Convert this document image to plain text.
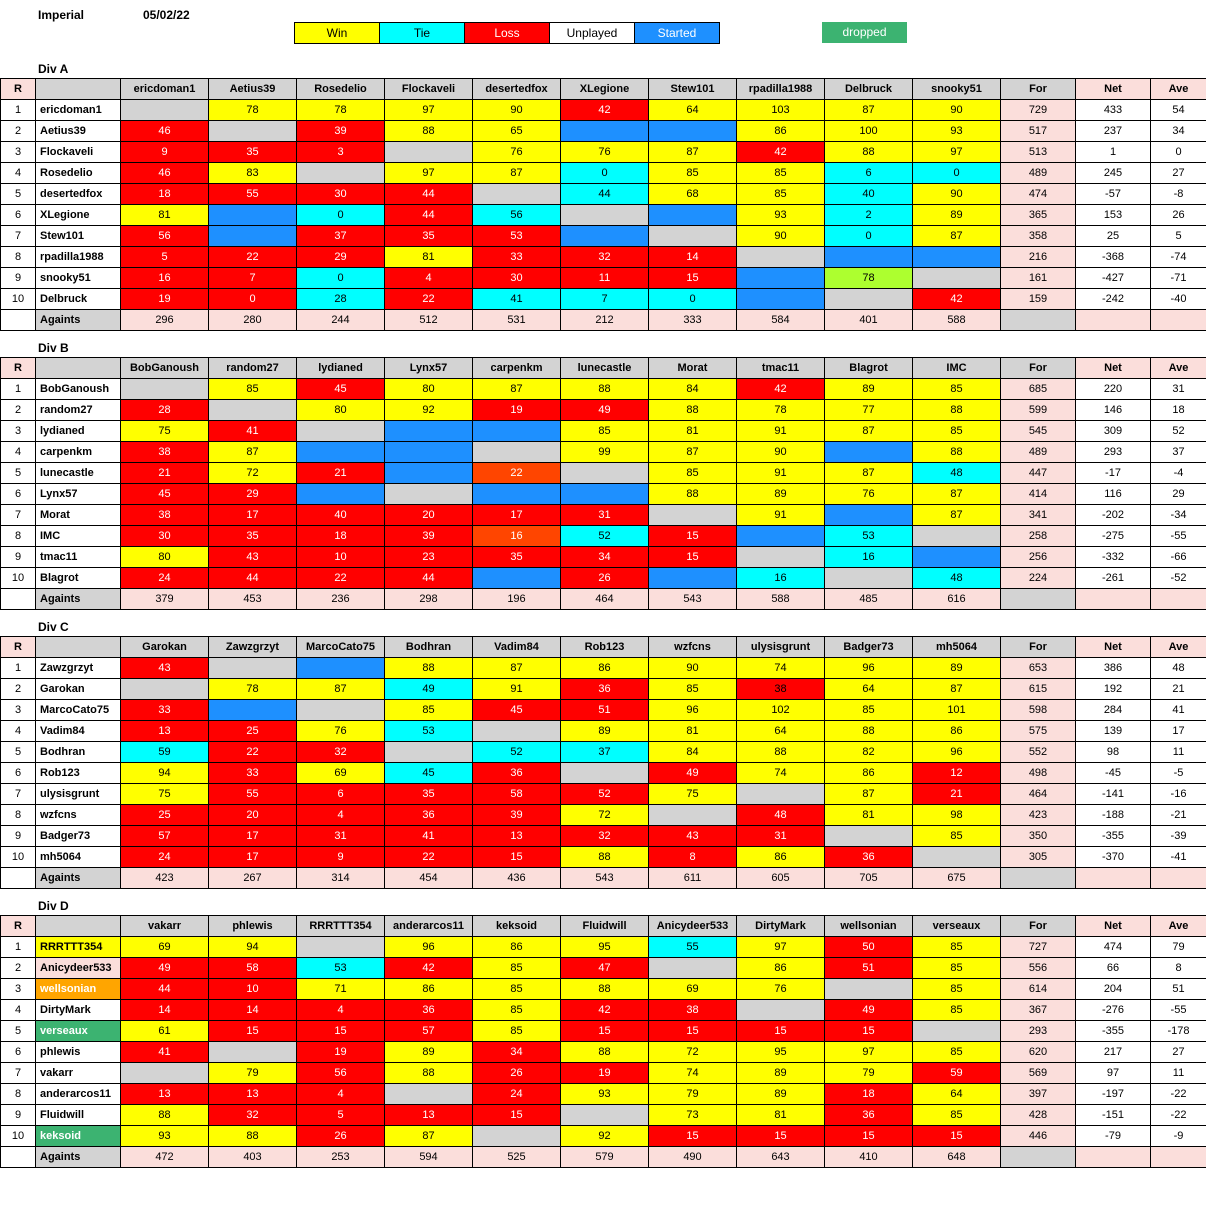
Imperial	05/02/22
Win	Tie	Loss	Unplayed	Started	dropped
Div A
R		ericdoman1	Aetius39	Rosedelio	Flockaveli	desertedfox	XLegione	Stew101	rpadilla1988	Delbruck	snooky51	For	Net	Ave
1	ericdoman1		78	78	97	90	42	64	103	87	90	729	433	54
2	Aetius39	46		39	88	65			86	100	93	517	237	34
3	Flockaveli	9	35	3		76	76	87	42	88	97	513	1	0
4	Rosedelio	46	83		97	87	0	85	85	6	0	489	245	27
5	desertedfox	18	55	30	44		44	68	85	40	90	474	-57	-8
6	XLegione	81		0	44	56			93	2	89	365	153	26
7	Stew101	56		37	35	53			90	0	87	358	25	5
8	rpadilla1988	5	22	29	81	33	32	14				216	-368	-74
9	snooky51	16	7	0	4	30	11	15		78		161	-427	-71
10	Delbruck	19	0	28	22	41	7	0			42	159	-242	-40
	Againts	296	280	244	512	531	212	333	584	401	588			
Div B
R		BobGanoush	random27	lydianed	Lynx57	carpenkm	lunecastle	Morat	tmac11	Blagrot	IMC	For	Net	Ave
1	BobGanoush		85	45	80	87	88	84	42	89	85	685	220	31
2	random27	28		80	92	19	49	88	78	77	88	599	146	18
3	lydianed	75	41				85	81	91	87	85	545	309	52
4	carpenkm	38	87				99	87	90		88	489	293	37
5	lunecastle	21	72	21		22		85	91	87	48	447	-17	-4
6	Lynx57	45	29					88	89	76	87	414	116	29
7	Morat	38	17	40	20	17	31		91		87	341	-202	-34
8	IMC	30	35	18	39	16	52	15		53		258	-275	-55
9	tmac11	80	43	10	23	35	34	15		16		256	-332	-66
10	Blagrot	24	44	22	44		26		16		48	224	-261	-52
	Againts	379	453	236	298	196	464	543	588	485	616			
Div C
R		Garokan	Zawzgrzyt	MarcoCato75	Bodhran	Vadim84	Rob123	wzfcns	ulysisgrunt	Badger73	mh5064	For	Net	Ave
1	Zawzgrzyt	43			88	87	86	90	74	96	89	653	386	48
2	Garokan		78	87	49	91	36	85	38	64	87	615	192	21
3	MarcoCato75	33			85	45	51	96	102	85	101	598	284	41
4	Vadim84	13	25	76	53		89	81	64	88	86	575	139	17
5	Bodhran	59	22	32		52	37	84	88	82	96	552	98	11
6	Rob123	94	33	69	45	36		49	74	86	12	498	-45	-5
7	ulysisgrunt	75	55	6	35	58	52	75		87	21	464	-141	-16
8	wzfcns	25	20	4	36	39	72		48	81	98	423	-188	-21
9	Badger73	57	17	31	41	13	32	43	31		85	350	-355	-39
10	mh5064	24	17	9	22	15	88	8	86	36		305	-370	-41
	Againts	423	267	314	454	436	543	611	605	705	675			
Div D
R		vakarr	phlewis	RRRTTT354	anderarcos11	keksoid	Fluidwill	Anicydeer533	DirtyMark	wellsonian	verseaux	For	Net	Ave
1	RRRTTT354	69	94		96	86	95	55	97	50	85	727	474	79
2	Anicydeer533	49	58	53	42	85	47		86	51	85	556	66	8
3	wellsonian	44	10	71	86	85	88	69	76		85	614	204	51
4	DirtyMark	14	14	4	36	85	42	38		49	85	367	-276	-55
5	verseaux	61	15	15	57	85	15	15	15	15		293	-355	-178
6	phlewis	41		19	89	34	88	72	95	97	85	620	217	27
7	vakarr		79	56	88	26	19	74	89	79	59	569	97	11
8	anderarcos11	13	13	4		24	93	79	89	18	64	397	-197	-22
9	Fluidwill	88	32	5	13	15		73	81	36	85	428	-151	-22
10	keksoid	93	88	26	87		92	15	15	15	15	446	-79	-9
	Againts	472	403	253	594	525	579	490	643	410	648			
